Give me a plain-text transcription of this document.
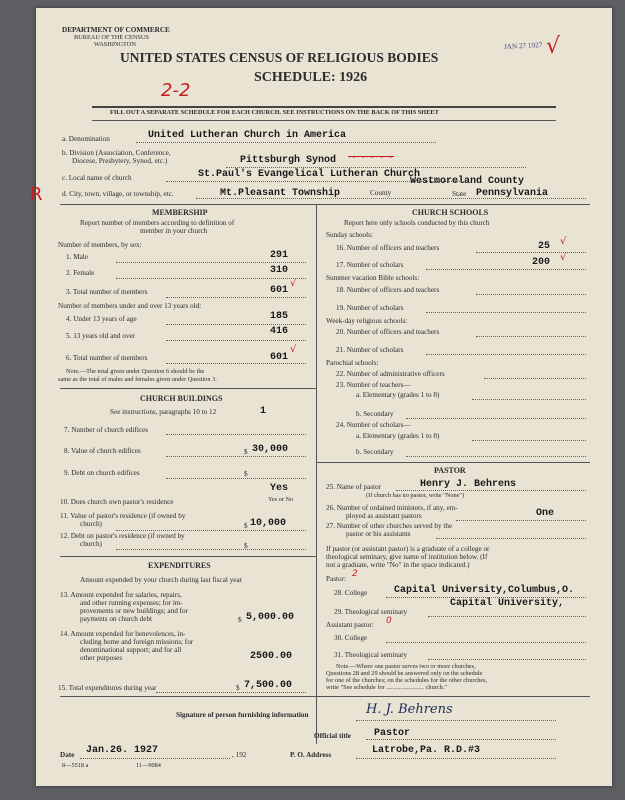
DEPARTMENT OF COMMERCE
BUREAU OF THE CENSUS
WASHINGTON
UNITED STATES CENSUS OF RELIGIOUS BODIES
SCHEDULE: 1926
JAN 27 1927 √
2-2
FILL OUT A SEPARATE SCHEDULE FOR EACH CHURCH. SEE INSTRUCTIONS ON THE BACK OF THIS SHEET
a. Denomination	United Lutheran Church in America
b. Division (Association, Conference,
Diocese, Presbytery, Synod, etc.)	Pittsburgh Synod ~~~~~
c. Local name of church	St.Paul's Evangelical Lutheran Church
R	d. City, town, village, or township, etc.	Mt.Pleasant Township
Westmoreland County
County	State Pennsylvania
MEMBERSHIP
Report number of members according to definition of
member in your church
Number of members, by sex:
1. Male	291
2. Female	310
3. Total number of members	601
√
Number of members under and over 13 years old:
4. Under 13 years of age	185
5. 13 years old and over	416
6. Total number of members	601
√
Note.—The total given under Question 6 should be the
same as the total of males and females given under Question 3.
CHURCH BUILDINGS
See instructions, paragraphs 10 to 12	1
7. Number of church edifices
8. Value of church edifices	$ 30,000
9. Debt on church edifices	$
10. Does church own pastor's residence
Yes
Yes or No
11. Value of pastor's residence (if owned by
church)	$ 10,000
12. Debt on pastor's residence (if owned by
church)	$
EXPENDITURES
Amount expended by your church during last fiscal year
13. Amount expended for salaries, repairs,
and other running expenses; for im-
provements or new buildings; and for
payments on church debt	$ 5,000.00
14. Amount expended for benevolences, in-
cluding home and foreign missions; for
denominational support; and for all
other purposes	2500.00
15. Total expenditures during year	$ 7,500.00
CHURCH SCHOOLS
Report here only schools conducted by this church
Sunday schools:
16. Number of officers and teachers	25 √
17. Number of scholars	200 √
Summer vacation Bible schools:
18. Number of officers and teachers
19. Number of scholars
Week-day religious schools:
20. Number of officers and teachers
21. Number of scholars
Parochial schools:
22. Number of administrative officers
23. Number of teachers—
a. Elementary (grades 1 to 8)
b. Secondary
24. Number of scholars—
a. Elementary (grades 1 to 8)
b. Secondary
PASTOR
25. Name of pastor	Henry J. Behrens
(If church has no pastor, write "None")
26. Number of ordained ministers, if any, em-
ployed as assistant pastors	One
27. Number of other churches served by the
pastor or his assistants
If pastor (or assistant pastor) is a graduate of a college or
theological seminary, give name of institution below. (If
not a graduate, write "No" in the space indicated.)
Pastor: 2
28. College	Capital University,Columbus,O.
Capital University,
29. Theological seminary
Assistant pastor: 0
30. College
31. Theological seminary
Note.—Where one pastor serves two or more churches,
Questions 28 and 29 should be answered only on the schedule
for one of the churches; on the schedules for the other churches,
write "See schedule for ........................ church."
Signature of person furnishing information	H. J. Behrens
Official title Pastor
Date Jan.26. 1927	, 192	P. O. Address	Latrobe,Pa. R.D.#3
8—5518 a	11—9084
